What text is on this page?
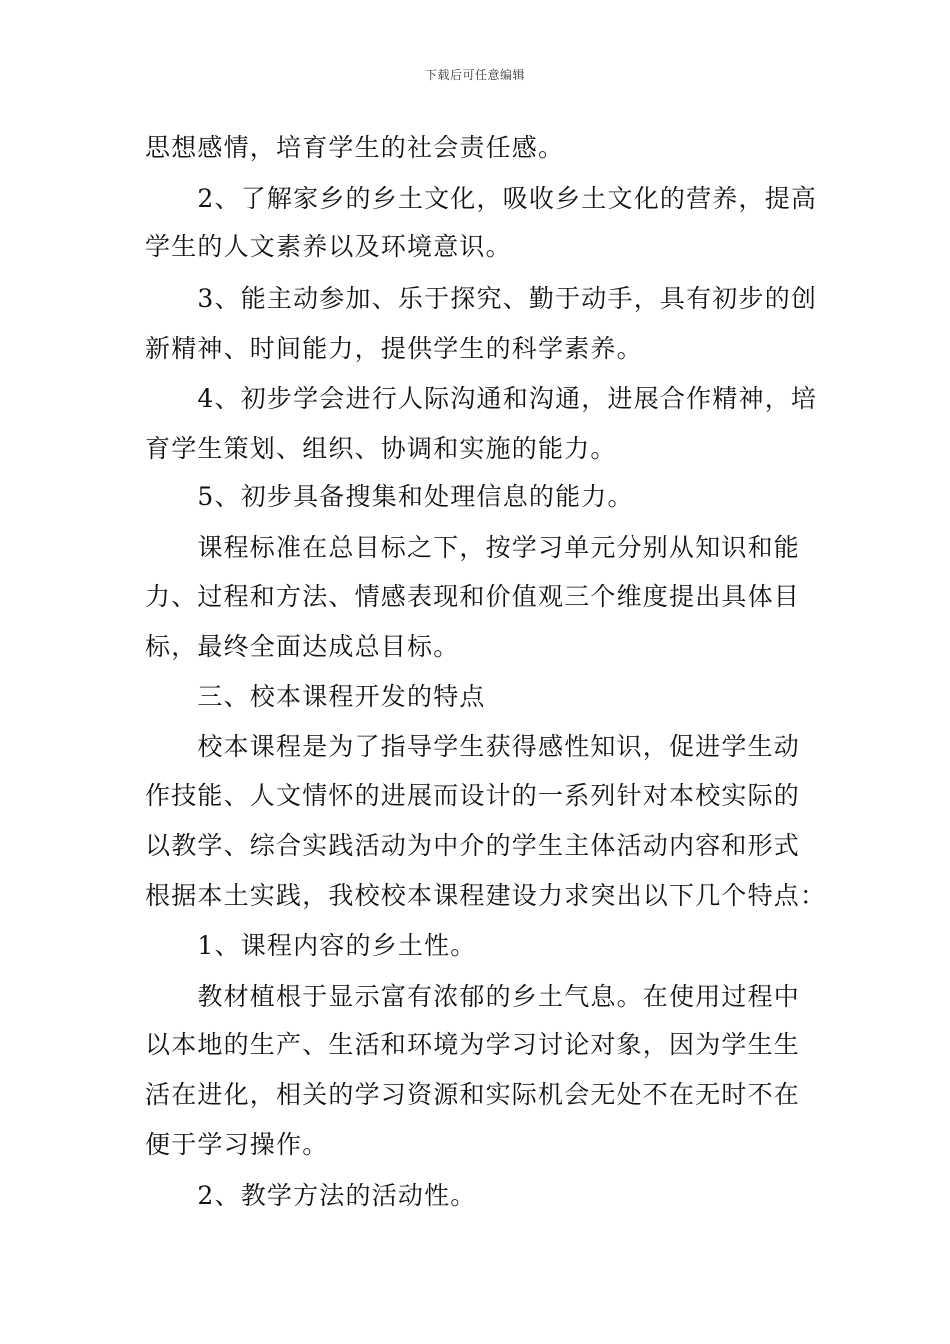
下载后可任意编辑
思想感情，培育学生的社会责任感。
　　2、了解家乡的乡土文化，吸收乡土文化的营养，提高
学生的人文素养以及环境意识。
　　3、能主动参加、乐于探究、勤于动手，具有初步的创
新精神、时间能力，提供学生的科学素养。
　　4、初步学会进行人际沟通和沟通，进展合作精神，培
育学生策划、组织、协调和实施的能力。
　　5、初步具备搜集和处理信息的能力。
　　课程标准在总目标之下，按学习单元分别从知识和能
力、过程和方法、情感表现和价值观三个维度提出具体目
标，最终全面达成总目标。
　　三、校本课程开发的特点
　　校本课程是为了指导学生获得感性知识，促进学生动
作技能、人文情怀的进展而设计的一系列针对本校实际的
以教学、综合实践活动为中介的学生主体活动内容和形式
根据本土实践，我校校本课程建设力求突出以下几个特点：
　　1、课程内容的乡土性。
　　教材植根于显示富有浓郁的乡土气息。在使用过程中
以本地的生产、生活和环境为学习讨论对象，因为学生生
活在进化，相关的学习资源和实际机会无处不在无时不在
便于学习操作。
　　2、教学方法的活动性。
